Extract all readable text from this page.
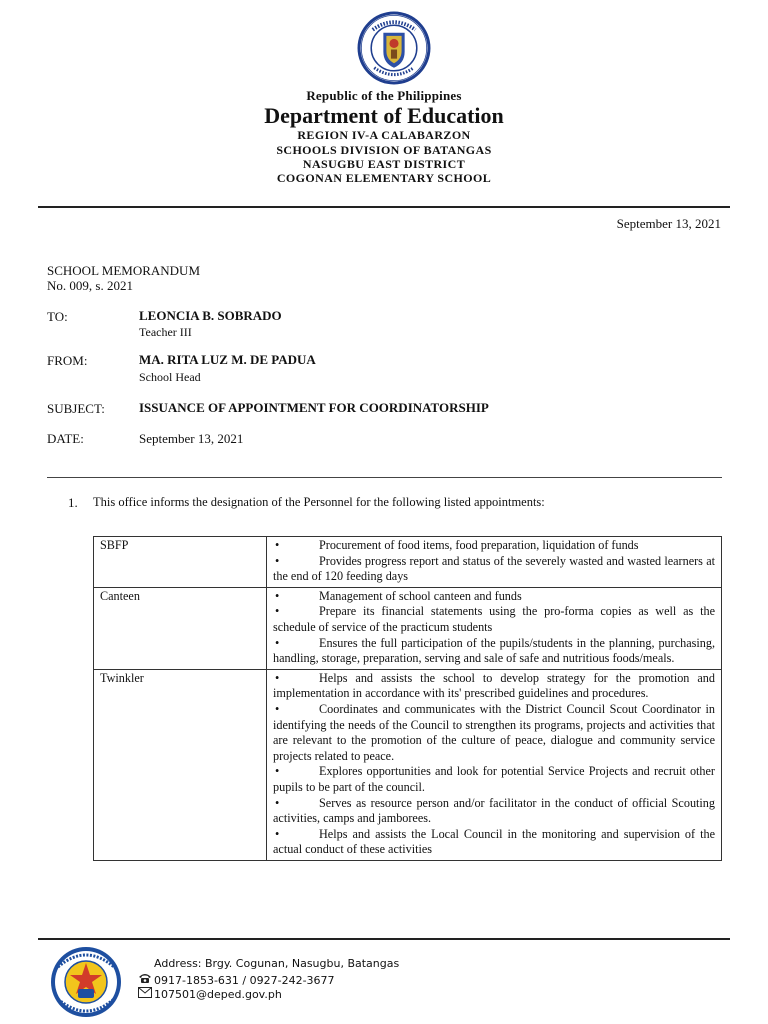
Republic of the Philippines
Department of Education
REGION IV-A CALABARZON
SCHOOLS DIVISION OF BATANGAS
NASUGBU EAST DISTRICT
COGONAN ELEMENTARY SCHOOL
September 13, 2021
SCHOOL MEMORANDUM
No. 009, s. 2021
TO:	LEONCIA B. SOBRADO
Teacher III
FROM:	MA. RITA LUZ M. DE PADUA
School Head
SUBJECT:	ISSUANCE OF APPOINTMENT FOR COORDINATORSHIP
DATE:	September 13, 2021
1. This office informs the designation of the Personnel for the following listed appointments:
SBFP	• Procurement of food items, food preparation, liquidation of funds
• Provides progress report and status of the severely wasted and wasted learners at the end of 120 feeding days

Canteen	• Management of school canteen and funds
• Prepare its financial statements using the pro-forma copies as well as the schedule of service of the practicum students
• Ensures the full participation of the pupils/students in the planning, purchasing, handling, storage, preparation, serving and sale of safe and nutritious foods/meals.

Twinkler	• Helps and assists the school to develop strategy for the promotion and implementation in accordance with its' prescribed guidelines and procedures.
• Coordinates and communicates with the District Council Scout Coordinator in identifying the needs of the Council to strengthen its programs, projects and activities that are relevant to the promotion of the culture of peace, dialogue and community service projects related to peace.
• Explores opportunities and look for potential Service Projects and recruit other pupils to be part of the council.
• Serves as resource person and/or facilitator in the conduct of official Scouting activities, camps and jamborees.
• Helps and assists the Local Council in the monitoring and supervision of the actual conduct of these activities
Address: Brgy. Cogunan, Nasugbu, Batangas
0917-1853-631 / 0927-242-3677
107501@deped.gov.ph
